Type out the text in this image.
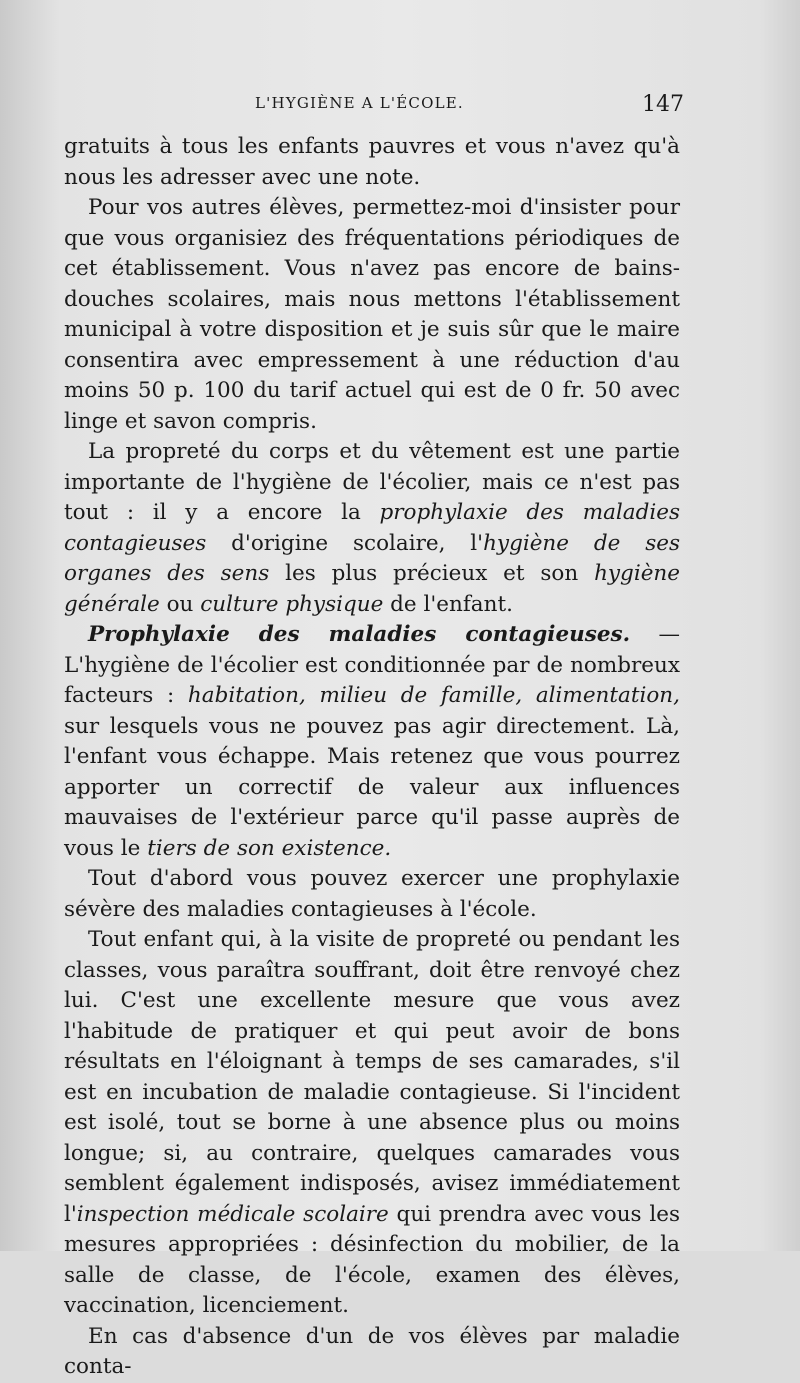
L'HYGIÈNE A L'ÉCOLE.	147

gratuits à tous les enfants pauvres et vous n'avez qu'à nous les adresser avec une note.

Pour vos autres élèves, permettez-moi d'insister pour que vous organisiez des fréquentations périodiques de cet établissement. Vous n'avez pas encore de bains-douches scolaires, mais nous mettons l'établissement municipal à votre disposition et je suis sûr que le maire consentira avec empressement à une réduction d'au moins 50 p. 100 du tarif actuel qui est de 0 fr. 50 avec linge et savon compris.

La propreté du corps et du vêtement est une partie importante de l'hygiène de l'écolier, mais ce n'est pas tout : il y a encore la prophylaxie des maladies contagieuses d'origine scolaire, l'hygiène de ses organes des sens les plus précieux et son hygiène générale ou culture physique de l'enfant.

Prophylaxie des maladies contagieuses. — L'hygiène de l'écolier est conditionnée par de nombreux facteurs : habitation, milieu de famille, alimentation, sur lesquels vous ne pouvez pas agir directement. Là, l'enfant vous échappe. Mais retenez que vous pourrez apporter un correctif de valeur aux influences mauvaises de l'extérieur parce qu'il passe auprès de vous le tiers de son existence.

Tout d'abord vous pouvez exercer une prophylaxie sévère des maladies contagieuses à l'école.

Tout enfant qui, à la visite de propreté ou pendant les classes, vous paraîtra souffrant, doit être renvoyé chez lui. C'est une excellente mesure que vous avez l'habitude de pratiquer et qui peut avoir de bons résultats en l'éloignant à temps de ses camarades, s'il est en incubation de maladie contagieuse. Si l'incident est isolé, tout se borne à une absence plus ou moins longue; si, au contraire, quelques camarades vous semblent également indisposés, avisez immédiatement l'inspection médicale scolaire qui prendra avec vous les mesures appropriées : désinfection du mobilier, de la salle de classe, de l'école, examen des élèves, vaccination, licenciement.

En cas d'absence d'un de vos élèves par maladie conta-
